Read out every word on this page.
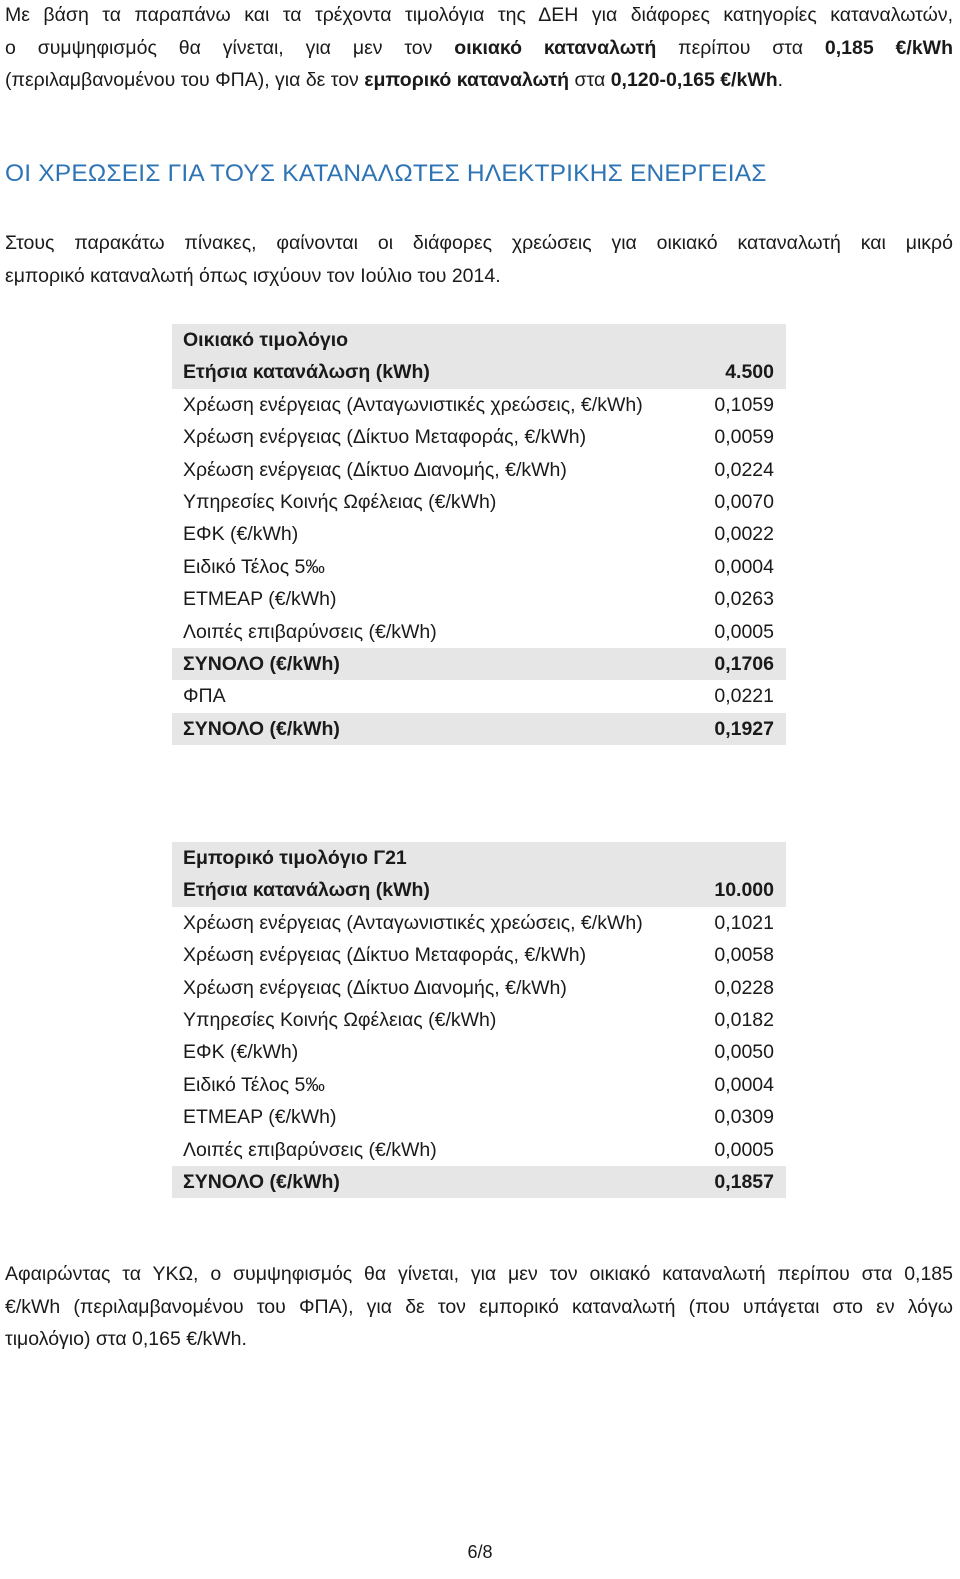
Με βάση τα παραπάνω και τα τρέχοντα τιμολόγια της ΔΕΗ για διάφορες κατηγορίες καταναλωτών,
ο συμψηφισμός θα γίνεται, για μεν τον οικιακό καταναλωτή περίπου στα 0,185 €/kWh
(περιλαμβανομένου του ΦΠΑ), για δε τον εμπορικό καταναλωτή στα 0,120-0,165 €/kWh.
ΟΙ ΧΡΕΩΣΕΙΣ ΓΙΑ ΤΟΥΣ ΚΑΤΑΝΑΛΩΤΕΣ ΗΛΕΚΤΡΙΚΗΣ ΕΝΕΡΓΕΙΑΣ
Στους παρακάτω πίνακες, φαίνονται οι διάφορες χρεώσεις για οικιακό καταναλωτή και μικρό
εμπορικό καταναλωτή όπως ισχύουν τον Ιούλιο του 2014.
Οικιακό τιμολόγιο
Ετήσια κατανάλωση (kWh)	4.500
Χρέωση ενέργειας (Ανταγωνιστικές χρεώσεις, €/kWh)	0,1059
Χρέωση ενέργειας (Δίκτυο Μεταφοράς, €/kWh)	0,0059
Χρέωση ενέργειας (Δίκτυο Διανομής, €/kWh)	0,0224
Υπηρεσίες Κοινής Ωφέλειας (€/kWh)	0,0070
ΕΦΚ (€/kWh)	0,0022
Ειδικό Τέλος 5‰	0,0004
ΕΤΜΕΑΡ (€/kWh)	0,0263
Λοιπές επιβαρύνσεις (€/kWh)	0,0005
ΣΥΝΟΛΟ (€/kWh)	0,1706
ΦΠΑ	0,0221
ΣΥΝΟΛΟ (€/kWh)	0,1927
Εμπορικό τιμολόγιο Γ21
Ετήσια κατανάλωση (kWh)	10.000
Χρέωση ενέργειας (Ανταγωνιστικές χρεώσεις, €/kWh)	0,1021
Χρέωση ενέργειας (Δίκτυο Μεταφοράς, €/kWh)	0,0058
Χρέωση ενέργειας (Δίκτυο Διανομής, €/kWh)	0,0228
Υπηρεσίες Κοινής Ωφέλειας (€/kWh)	0,0182
ΕΦΚ (€/kWh)	0,0050
Ειδικό Τέλος 5‰	0,0004
ΕΤΜΕΑΡ (€/kWh)	0,0309
Λοιπές επιβαρύνσεις (€/kWh)	0,0005
ΣΥΝΟΛΟ (€/kWh)	0,1857
Αφαιρώντας τα ΥΚΩ, ο συμψηφισμός θα γίνεται, για μεν τον οικιακό καταναλωτή περίπου στα 0,185
€/kWh (περιλαμβανομένου του ΦΠΑ), για δε τον εμπορικό καταναλωτή (που υπάγεται στο εν λόγω
τιμολόγιο) στα 0,165 €/kWh.
6/8
